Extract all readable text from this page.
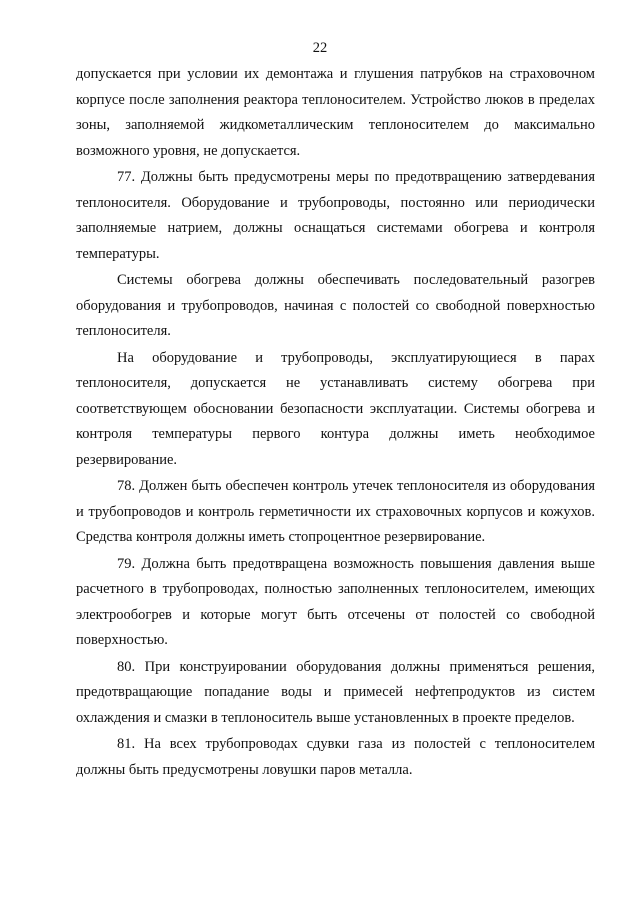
22

допускается при условии их демонтажа и глушения патрубков на страховочном корпусе после заполнения реактора теплоносителем. Устройство люков в пределах зоны, заполняемой жидкометаллическим теплоносителем до максимально возможного уровня, не допускается.

77. Должны быть предусмотрены меры по предотвращению затвердевания теплоносителя. Оборудование и трубопроводы, постоянно или периодически заполняемые натрием, должны оснащаться системами обогрева и контроля температуры.

Системы обогрева должны обеспечивать последовательный разогрев оборудования и трубопроводов, начиная с полостей со свободной поверхностью теплоносителя.

На оборудование и трубопроводы, эксплуатирующиеся в парах теплоносителя, допускается не устанавливать систему обогрева при соответствующем обосновании безопасности эксплуатации. Системы обогрева и контроля температуры первого контура должны иметь необходимое резервирование.

78. Должен быть обеспечен контроль утечек теплоносителя из оборудования и трубопроводов и контроль герметичности их страховочных корпусов и кожухов. Средства контроля должны иметь стопроцентное резервирование.

79. Должна быть предотвращена возможность повышения давления выше расчетного в трубопроводах, полностью заполненных теплоносителем, имеющих электрообогрев и которые могут быть отсечены от полостей со свободной поверхностью.

80. При конструировании оборудования должны применяться решения, предотвращающие попадание воды и примесей нефтепродуктов из систем охлаждения и смазки в теплоноситель выше установленных в проекте пределов.

81. На всех трубопроводах сдувки газа из полостей с теплоносителем должны быть предусмотрены ловушки паров металла.
